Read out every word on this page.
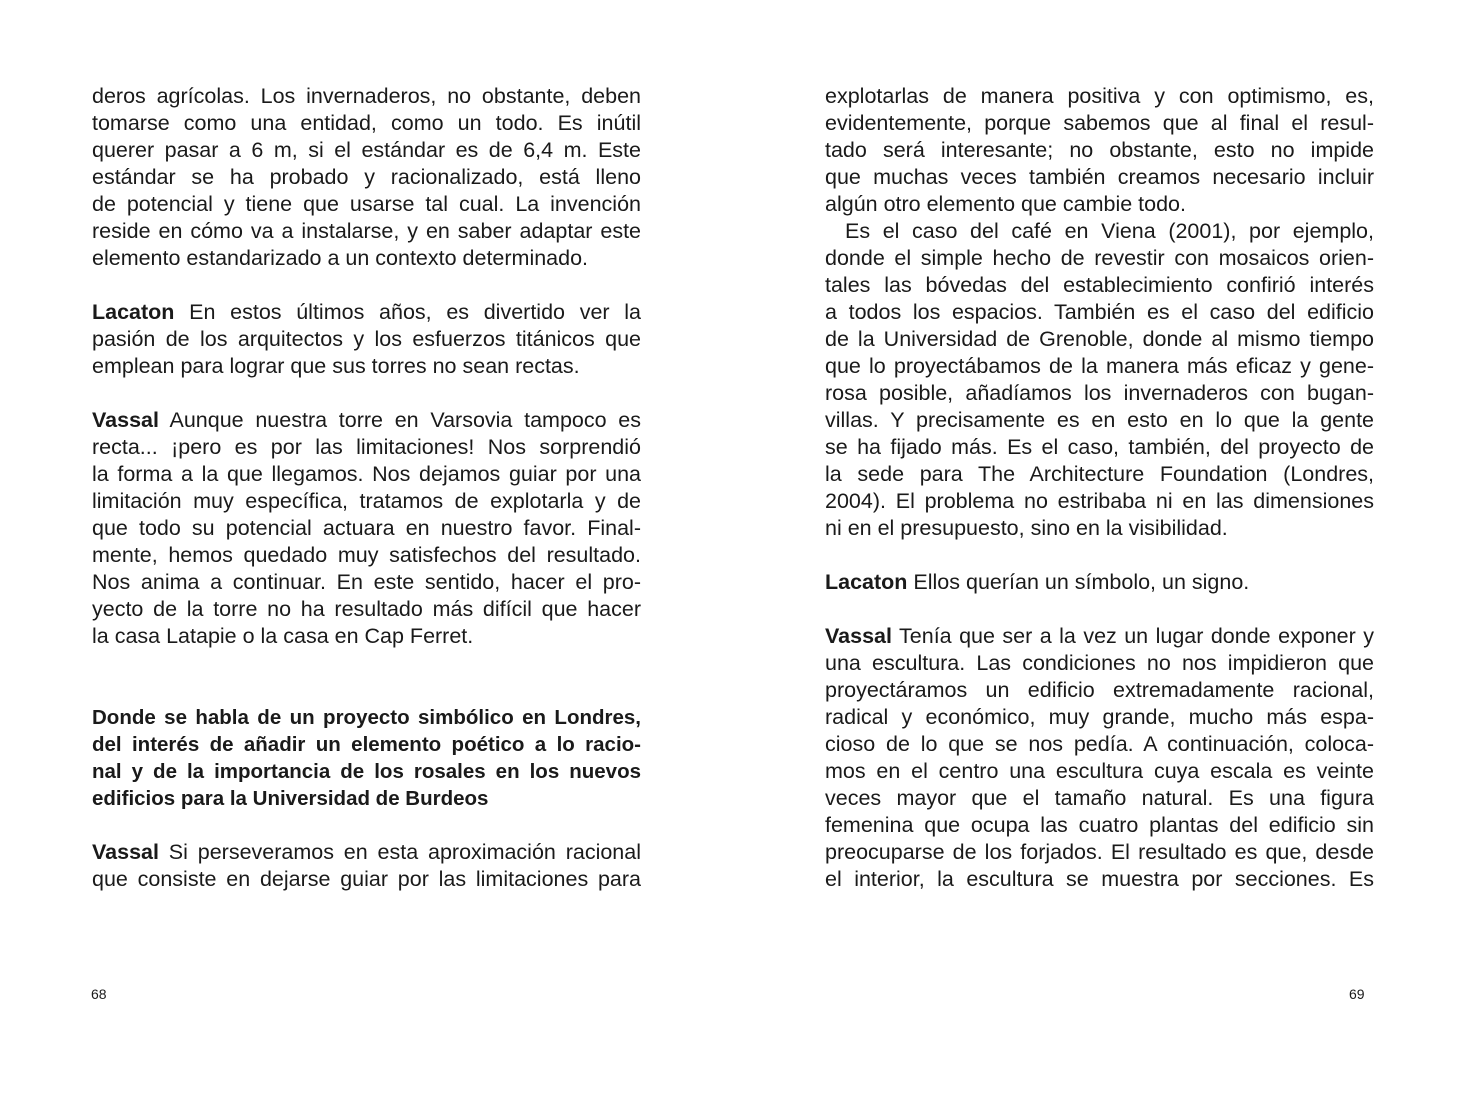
deros agrícolas. Los invernaderos, no obstante, deben
tomarse como una entidad, como un todo. Es inútil
querer pasar a 6 m, si el estándar es de 6,4 m. Este
estándar se ha probado y racionalizado, está lleno
de potencial y tiene que usarse tal cual. La invención
reside en cómo va a instalarse, y en saber adaptar este
elemento estandarizado a un contexto determinado.
Lacaton En estos últimos años, es divertido ver la
pasión de los arquitectos y los esfuerzos titánicos que
emplean para lograr que sus torres no sean rectas.
Vassal Aunque nuestra torre en Varsovia tampoco es
recta... ¡pero es por las limitaciones! Nos sorprendió
la forma a la que llegamos. Nos dejamos guiar por una
limitación muy específica, tratamos de explotarla y de
que todo su potencial actuara en nuestro favor. Final-
mente, hemos quedado muy satisfechos del resultado.
Nos anima a continuar. En este sentido, hacer el pro-
yecto de la torre no ha resultado más difícil que hacer
la casa Latapie o la casa en Cap Ferret.
Donde se habla de un proyecto simbólico en Londres,
del interés de añadir un elemento poético a lo racio-
nal y de la importancia de los rosales en los nuevos
edificios para la Universidad de Burdeos
Vassal Si perseveramos en esta aproximación racional
que consiste en dejarse guiar por las limitaciones para
68
explotarlas de manera positiva y con optimismo, es,
evidentemente, porque sabemos que al final el resul-
tado será interesante; no obstante, esto no impide
que muchas veces también creamos necesario incluir
algún otro elemento que cambie todo.
Es el caso del café en Viena (2001), por ejemplo,
donde el simple hecho de revestir con mosaicos orien-
tales las bóvedas del establecimiento confirió interés
a todos los espacios. También es el caso del edificio
de la Universidad de Grenoble, donde al mismo tiempo
que lo proyectábamos de la manera más eficaz y gene-
rosa posible, añadíamos los invernaderos con bugan-
villas. Y precisamente es en esto en lo que la gente
se ha fijado más. Es el caso, también, del proyecto de
la sede para The Architecture Foundation (Londres,
2004). El problema no estribaba ni en las dimensiones
ni en el presupuesto, sino en la visibilidad.
Lacaton Ellos querían un símbolo, un signo.
Vassal Tenía que ser a la vez un lugar donde exponer y
una escultura. Las condiciones no nos impidieron que
proyectáramos un edificio extremadamente racional,
radical y económico, muy grande, mucho más espa-
cioso de lo que se nos pedía. A continuación, coloca-
mos en el centro una escultura cuya escala es veinte
veces mayor que el tamaño natural. Es una figura
femenina que ocupa las cuatro plantas del edificio sin
preocuparse de los forjados. El resultado es que, desde
el interior, la escultura se muestra por secciones. Es
69
